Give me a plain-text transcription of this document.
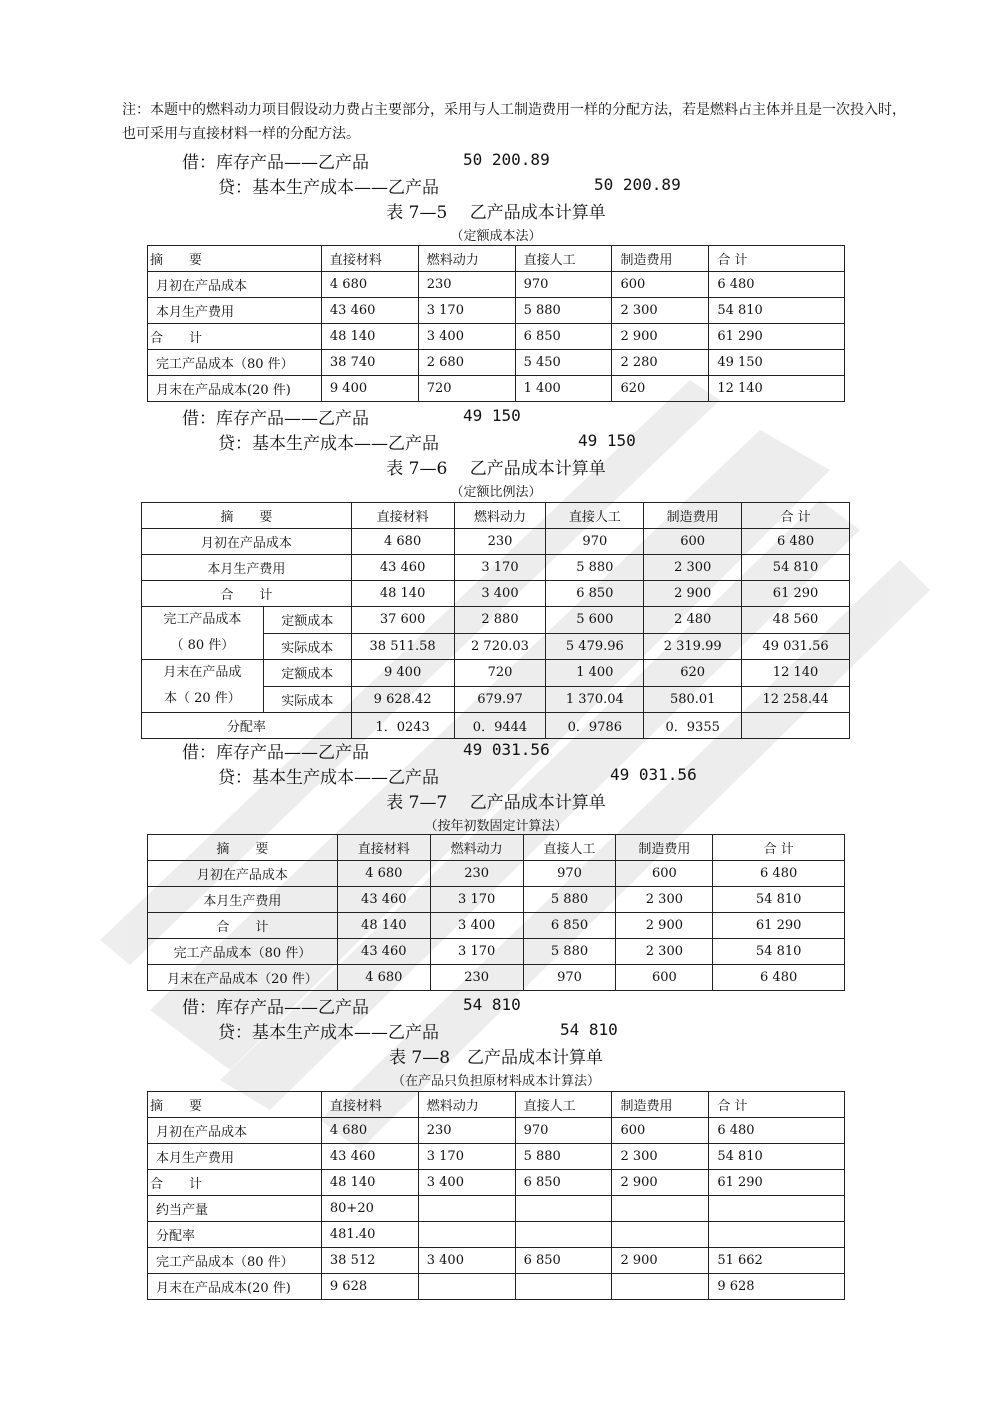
注：本题中的燃料动力项目假设动力费占主要部分，采用与人工制造费用一样的分配方法，若是燃料占主体并且是一次投入时，也可采用与直接材料一样的分配方法。
借：库存产品——乙产品	50 200.89
贷：基本生产成本——乙产品	50 200.89
表 7—5　 乙产品成本计算单
（定额成本法）
摘　　要	直接材料	燃料动力	直接人工	制造费用	合 计
月初在产品成本	4 680	230	970	600	6 480
本月生产费用	43 460	3 170	5 880	2 300	54 810
合　　计	48 140	3 400	6 850	2 900	61 290
完工产品成本（80 件）	38 740	2 680	5 450	2 280	49 150
月末在产品成本(20 件)	9 400	720	1 400	620	12 140
借：库存产品——乙产品	49 150
贷：基本生产成本——乙产品	49 150
表 7—6　 乙产品成本计算单
（定额比例法）
摘　　要		直接材料	燃料动力	直接人工	制造费用	合 计
月初在产品成本		4 680	230	970	600	6 480
本月生产费用		43 460	3 170	5 880	2 300	54 810
合　　计		48 140	3 400	6 850	2 900	61 290

完工产品成本
（ 80 件）	定额成本	37 600	2 880	5 600	2 480	48 560
	实际成本	38 511.58	2 720.03	5 479.96	2 319.99	49 031.56

月末在产品成
本（ 20 件）	定额成本	9 400	720	1 400	620	12 140
	实际成本	9 628.42	679.97	1 370.04	580.01	12 258.44
分配率		1．0243	0．9444	0．9786	0．9355	
借：库存产品——乙产品	49 031.56
贷：基本生产成本——乙产品	49 031.56
表 7—7　 乙产品成本计算单
（按年初数固定计算法）
摘　　要	直接材料	燃料动力	直接人工	制造费用	合 计
月初在产品成本	4 680	230	970	600	6 480
本月生产费用	43 460	3 170	5 880	2 300	54 810
合　　计	48 140	3 400	6 850	2 900	61 290
完工产品成本（80 件）	43 460	3 170	5 880	2 300	54 810
月末在产品成本（20 件）	4 680	230	970	600	6 480
借：库存产品——乙产品	54 810
贷：基本生产成本——乙产品	54 810
表 7—8　乙产品成本计算单
（在产品只负担原材料成本计算法）
摘　　要	直接材料	燃料动力	直接人工	制造费用	合 计
月初在产品成本	4 680	230	970	600	6 480
本月生产费用	43 460	3 170	5 880	2 300	54 810
合　　计	48 140	3 400	6 850	2 900	61 290
约当产量	80+20				
分配率	481.40				
完工产品成本（80 件）	38 512	3 400	6 850	2 900	51 662
月末在产品成本(20 件)	9 628				9 628
